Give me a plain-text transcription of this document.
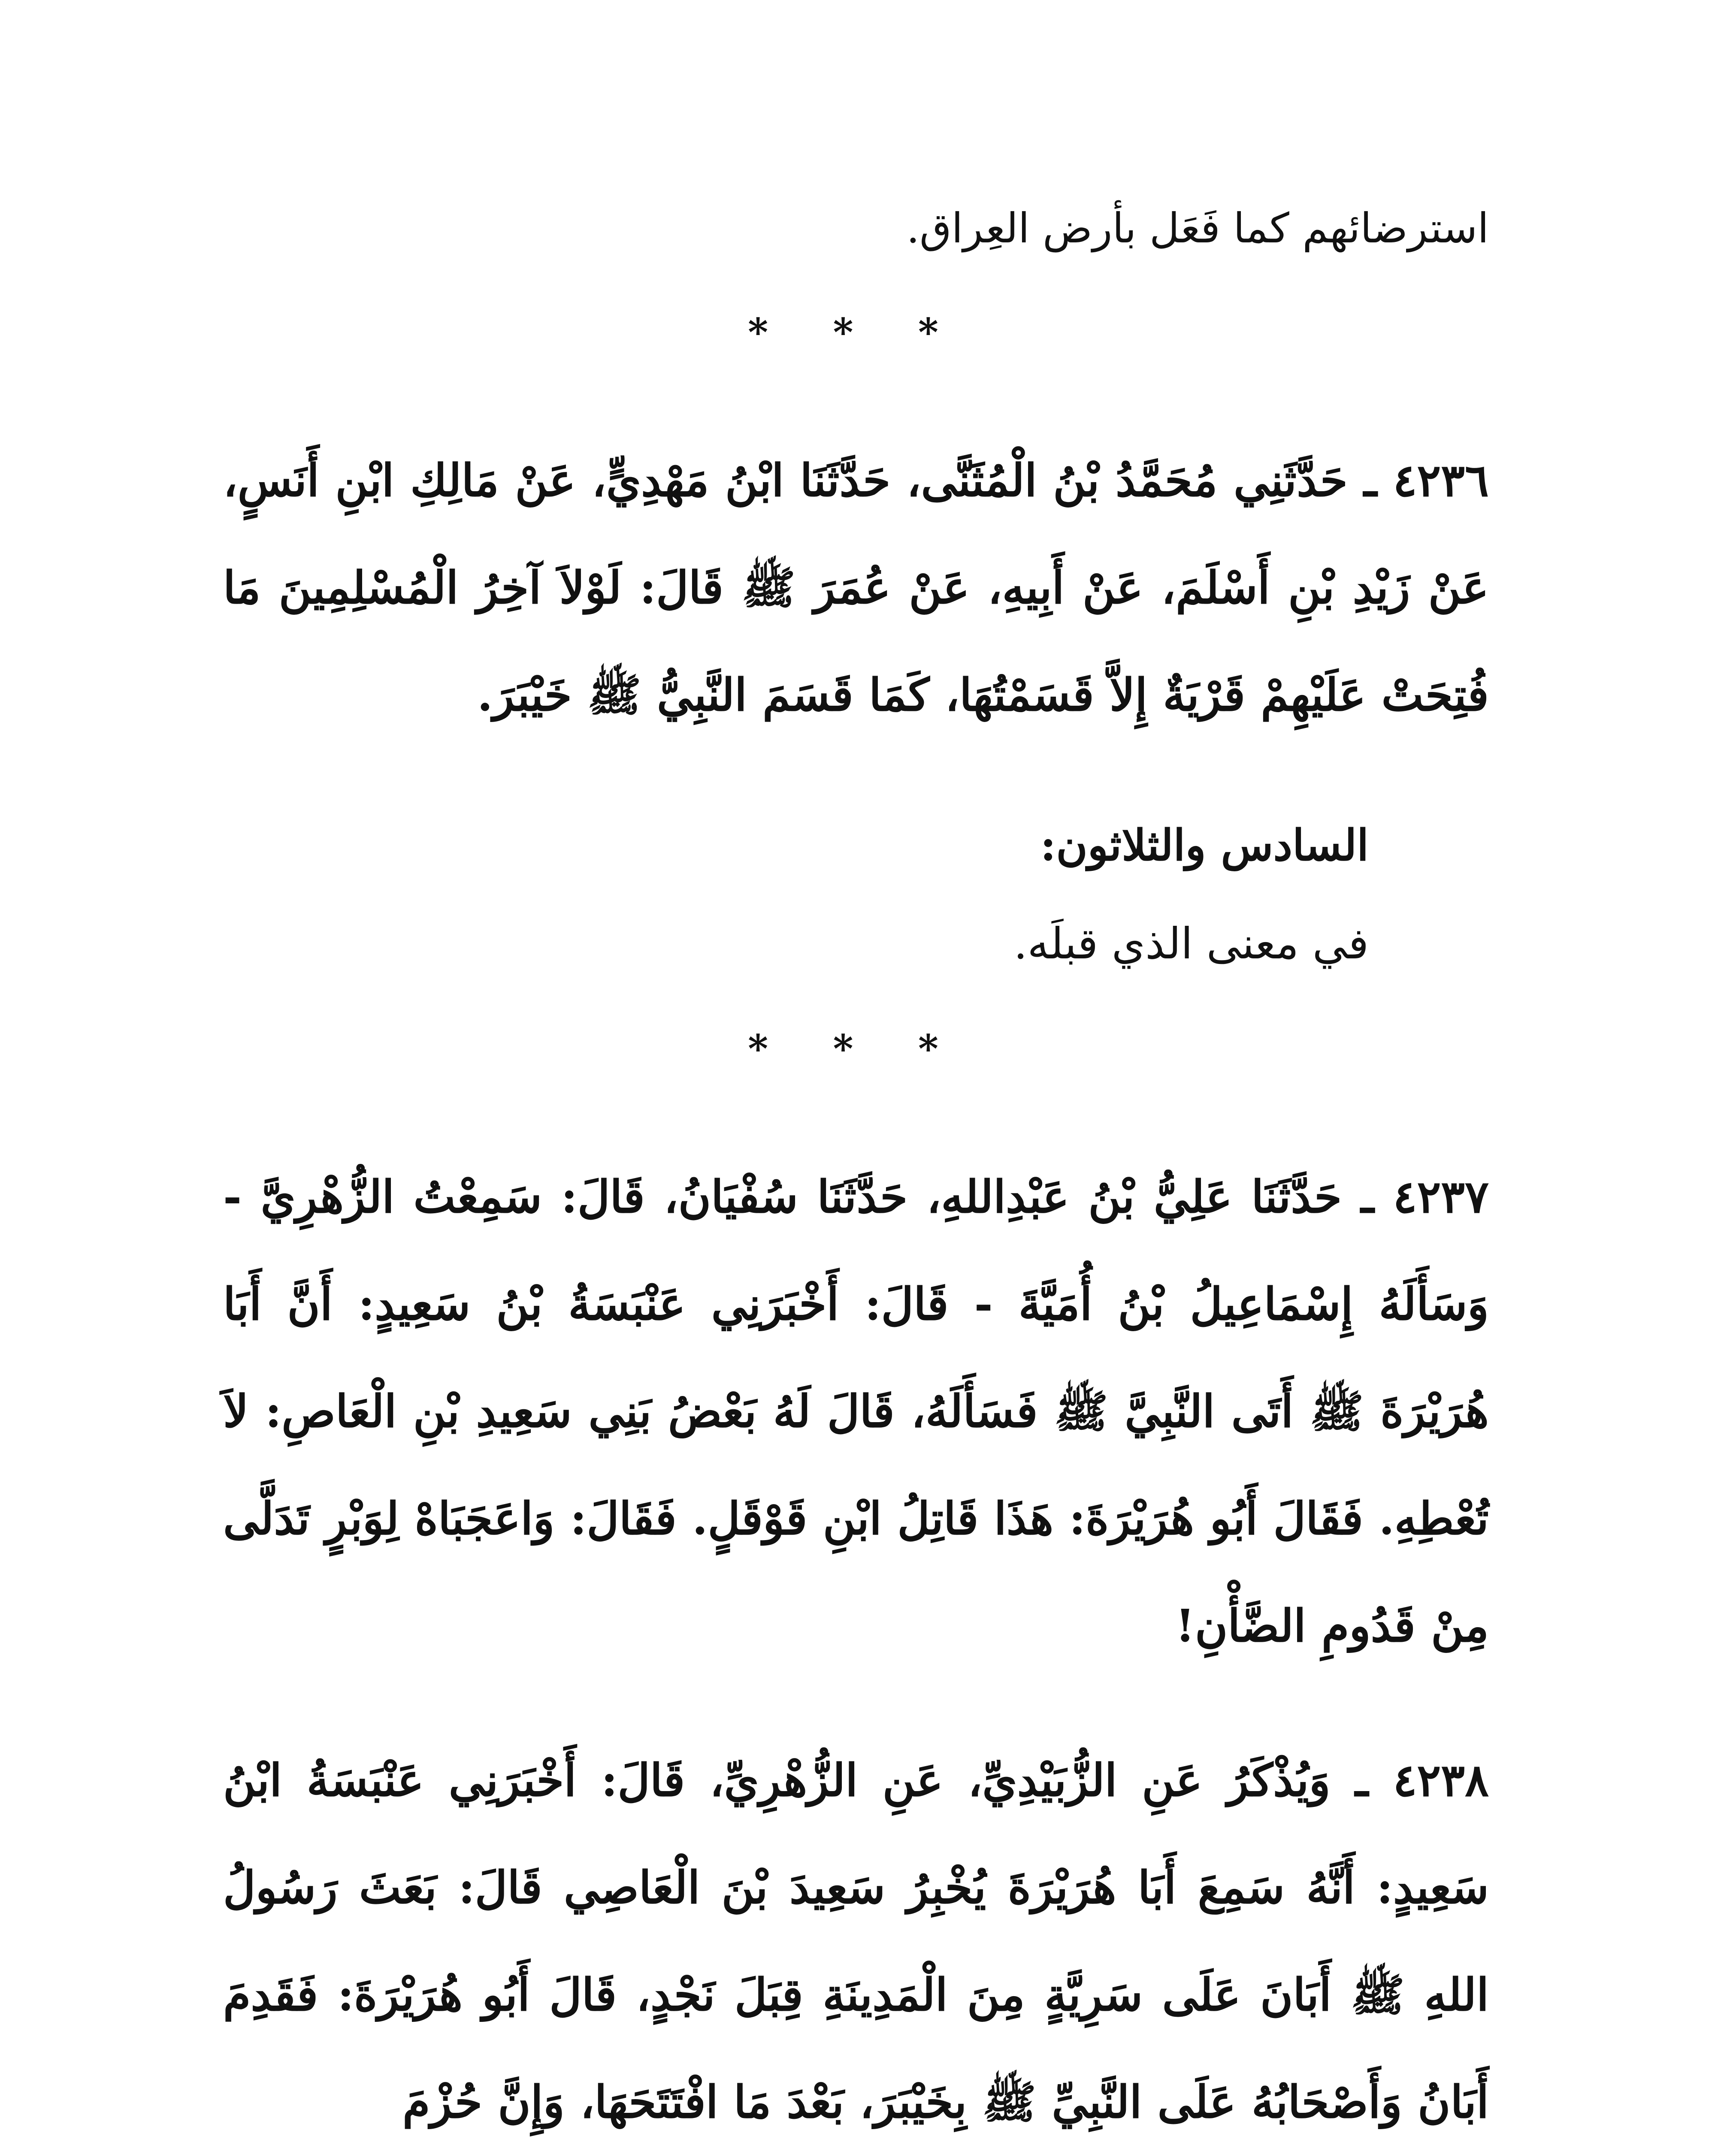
استرضائهم كما فَعَل بأرض العِراق.

* * *

٤٢٣٦ ـ حَدَّثَنِي مُحَمَّدُ بْنُ الْمُثَنَّى، حَدَّثَنَا ابْنُ مَهْدِيٍّ، عَنْ مَالِكِ ابْنِ أَنَسٍ، عَنْ زَيْدِ بْنِ أَسْلَمَ، عَنْ أَبِيهِ، عَنْ عُمَرَ ﷺ قَالَ: لَوْلاَ آخِرُ الْمُسْلِمِينَ مَا فُتِحَتْ عَلَيْهِمْ قَرْيَةٌ إِلاَّ قَسَمْتُهَا، كَمَا قَسَمَ النَّبِيُّ ﷺ خَيْبَرَ.

السادس والثلاثون:

في معنى الذي قبلَه.

* * *

٤٢٣٧ ـ حَدَّثَنَا عَلِيُّ بْنُ عَبْدِاللهِ، حَدَّثَنَا سُفْيَانُ، قَالَ: سَمِعْتُ الزُّهْرِيَّ - وَسَأَلَهُ إِسْمَاعِيلُ بْنُ أُمَيَّةَ - قَالَ: أَخْبَرَنِي عَنْبَسَةُ بْنُ سَعِيدٍ: أَنَّ أَبَا هُرَيْرَةَ ﷺ أَتَى النَّبِيَّ ﷺ فَسَأَلَهُ، قَالَ لَهُ بَعْضُ بَنِي سَعِيدِ بْنِ الْعَاصِ: لاَ تُعْطِهِ. فَقَالَ أَبُو هُرَيْرَةَ: هَذَا قَاتِلُ ابْنِ قَوْقَلٍ. فَقَالَ: وَاعَجَبَاهْ لِوَبْرٍ تَدَلَّى مِنْ قَدُومِ الضَّأْنِ!

٤٢٣٨ ـ وَيُذْكَرُ عَنِ الزُّبَيْدِيِّ، عَنِ الزُّهْرِيِّ، قَالَ: أَخْبَرَنِي عَنْبَسَةُ ابْنُ سَعِيدٍ: أَنَّهُ سَمِعَ أَبَا هُرَيْرَةَ يُخْبِرُ سَعِيدَ بْنَ الْعَاصِي قَالَ: بَعَثَ رَسُولُ اللهِ ﷺ أَبَانَ عَلَى سَرِيَّةٍ مِنَ الْمَدِينَةِ قِبَلَ نَجْدٍ، قَالَ أَبُو هُرَيْرَةَ: فَقَدِمَ أَبَانُ وَأَصْحَابُهُ عَلَى النَّبِيِّ ﷺ بِخَيْبَرَ، بَعْدَ مَا افْتَتَحَهَا، وَإِنَّ حُزْمَ
